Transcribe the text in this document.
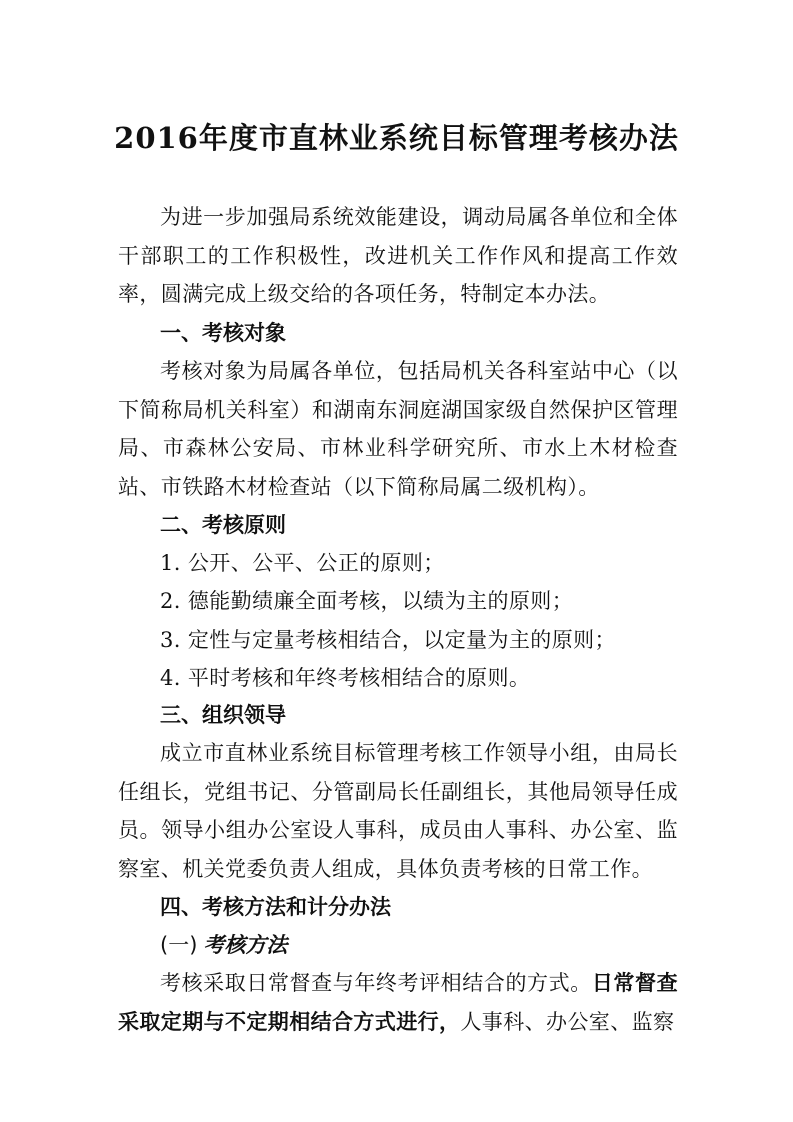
2016年度市直林业系统目标管理考核办法
为进一步加强局系统效能建设，调动局属各单位和全体干部职工的工作积极性，改进机关工作作风和提高工作效率，圆满完成上级交给的各项任务，特制定本办法。
一、考核对象
考核对象为局属各单位，包括局机关各科室站中心（以下简称局机关科室）和湖南东洞庭湖国家级自然保护区管理局、市森林公安局、市林业科学研究所、市水上木材检查站、市铁路木材检查站（以下简称局属二级机构）。
二、考核原则
1. 公开、公平、公正的原则；
2. 德能勤绩廉全面考核，以绩为主的原则；
3. 定性与定量考核相结合，以定量为主的原则；
4. 平时考核和年终考核相结合的原则。
三、组织领导
成立市直林业系统目标管理考核工作领导小组，由局长任组长，党组书记、分管副局长任副组长，其他局领导任成员。领导小组办公室设人事科，成员由人事科、办公室、监察室、机关党委负责人组成，具体负责考核的日常工作。
四、考核方法和计分办法
(一) 考核方法
考核采取日常督查与年终考评相结合的方式。日常督查采取定期与不定期相结合方式进行，人事科、办公室、监察
